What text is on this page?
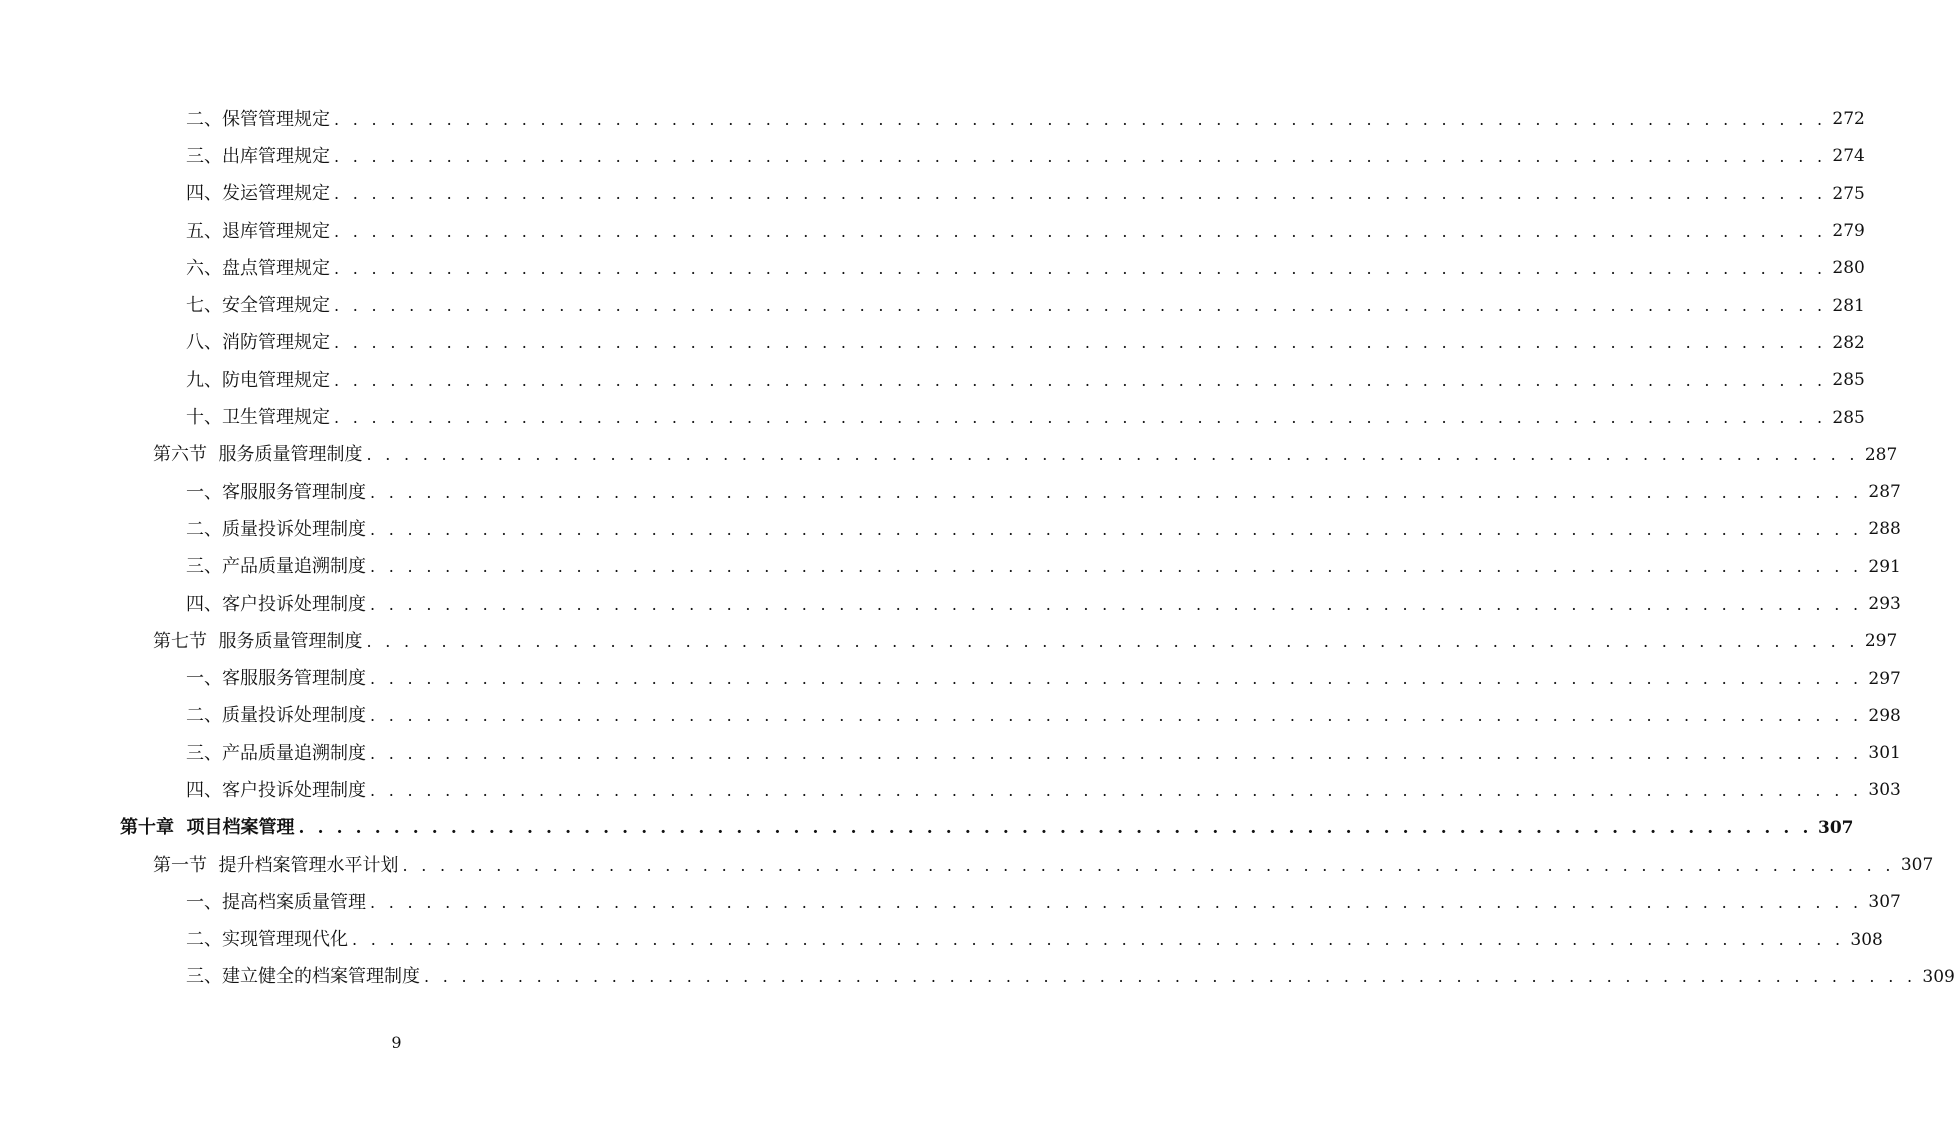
二、保管管理规定 . . . . . . . . . . . . . . . . . . . . . . . . . . . . . . . . . . . . . . . . . . . . . . . . . . . . . . . . . . . . . . . . . . . . . . . . . . . . . . . . 272
三、出库管理规定 . . . . . . . . . . . . . . . . . . . . . . . . . . . . . . . . . . . . . . . . . . . . . . . . . . . . . . . . . . . . . . . . . . . . . . . . . . . . . . . . 274
四、发运管理规定 . . . . . . . . . . . . . . . . . . . . . . . . . . . . . . . . . . . . . . . . . . . . . . . . . . . . . . . . . . . . . . . . . . . . . . . . . . . . . . . . 275
五、退库管理规定 . . . . . . . . . . . . . . . . . . . . . . . . . . . . . . . . . . . . . . . . . . . . . . . . . . . . . . . . . . . . . . . . . . . . . . . . . . . . . . . . 279
六、盘点管理规定 . . . . . . . . . . . . . . . . . . . . . . . . . . . . . . . . . . . . . . . . . . . . . . . . . . . . . . . . . . . . . . . . . . . . . . . . . . . . . . . . 280
七、安全管理规定 . . . . . . . . . . . . . . . . . . . . . . . . . . . . . . . . . . . . . . . . . . . . . . . . . . . . . . . . . . . . . . . . . . . . . . . . . . . . . . . . 281
八、消防管理规定 . . . . . . . . . . . . . . . . . . . . . . . . . . . . . . . . . . . . . . . . . . . . . . . . . . . . . . . . . . . . . . . . . . . . . . . . . . . . . . . . 282
九、防电管理规定 . . . . . . . . . . . . . . . . . . . . . . . . . . . . . . . . . . . . . . . . . . . . . . . . . . . . . . . . . . . . . . . . . . . . . . . . . . . . . . . . 285
十、卫生管理规定 . . . . . . . . . . . . . . . . . . . . . . . . . . . . . . . . . . . . . . . . . . . . . . . . . . . . . . . . . . . . . . . . . . . . . . . . . . . . . . . . 285
第六节  服务质量管理制度 . . . . . . . . . . . . . . . . . . . . . . . . . . . . . . . . . . . . . . . . . . . . . . . . . . . . . . . . . . . . . . . . . . . . . . . . . . . . . . . . 287
一、客服服务管理制度 . . . . . . . . . . . . . . . . . . . . . . . . . . . . . . . . . . . . . . . . . . . . . . . . . . . . . . . . . . . . . . . . . . . . . . . . . . . . . . . . 287
二、质量投诉处理制度 . . . . . . . . . . . . . . . . . . . . . . . . . . . . . . . . . . . . . . . . . . . . . . . . . . . . . . . . . . . . . . . . . . . . . . . . . . . . . . . . 288
三、产品质量追溯制度 . . . . . . . . . . . . . . . . . . . . . . . . . . . . . . . . . . . . . . . . . . . . . . . . . . . . . . . . . . . . . . . . . . . . . . . . . . . . . . . . 291
四、客户投诉处理制度 . . . . . . . . . . . . . . . . . . . . . . . . . . . . . . . . . . . . . . . . . . . . . . . . . . . . . . . . . . . . . . . . . . . . . . . . . . . . . . . . 293
第七节  服务质量管理制度 . . . . . . . . . . . . . . . . . . . . . . . . . . . . . . . . . . . . . . . . . . . . . . . . . . . . . . . . . . . . . . . . . . . . . . . . . . . . . . . . 297
一、客服服务管理制度 . . . . . . . . . . . . . . . . . . . . . . . . . . . . . . . . . . . . . . . . . . . . . . . . . . . . . . . . . . . . . . . . . . . . . . . . . . . . . . . . 297
二、质量投诉处理制度 . . . . . . . . . . . . . . . . . . . . . . . . . . . . . . . . . . . . . . . . . . . . . . . . . . . . . . . . . . . . . . . . . . . . . . . . . . . . . . . . 298
三、产品质量追溯制度 . . . . . . . . . . . . . . . . . . . . . . . . . . . . . . . . . . . . . . . . . . . . . . . . . . . . . . . . . . . . . . . . . . . . . . . . . . . . . . . . 301
四、客户投诉处理制度 . . . . . . . . . . . . . . . . . . . . . . . . . . . . . . . . . . . . . . . . . . . . . . . . . . . . . . . . . . . . . . . . . . . . . . . . . . . . . . . . 303
第十章  项目档案管理 . . . . . . . . . . . . . . . . . . . . . . . . . . . . . . . . . . . . . . . . . . . . . . . . . . . . . . . . . . . . . . . . . . . . . . . . . . . . . . . . 307
第一节  提升档案管理水平计划 . . . . . . . . . . . . . . . . . . . . . . . . . . . . . . . . . . . . . . . . . . . . . . . . . . . . . . . . . . . . . . . . . . . . . . . . . . . . . . . . 307
一、提高档案质量管理 . . . . . . . . . . . . . . . . . . . . . . . . . . . . . . . . . . . . . . . . . . . . . . . . . . . . . . . . . . . . . . . . . . . . . . . . . . . . . . . . 307
二、实现管理现代化 . . . . . . . . . . . . . . . . . . . . . . . . . . . . . . . . . . . . . . . . . . . . . . . . . . . . . . . . . . . . . . . . . . . . . . . . . . . . . . . . 308
三、建立健全的档案管理制度 . . . . . . . . . . . . . . . . . . . . . . . . . . . . . . . . . . . . . . . . . . . . . . . . . . . . . . . . . . . . . . . . . . . . . . . . . . . . . . . . 309
9
